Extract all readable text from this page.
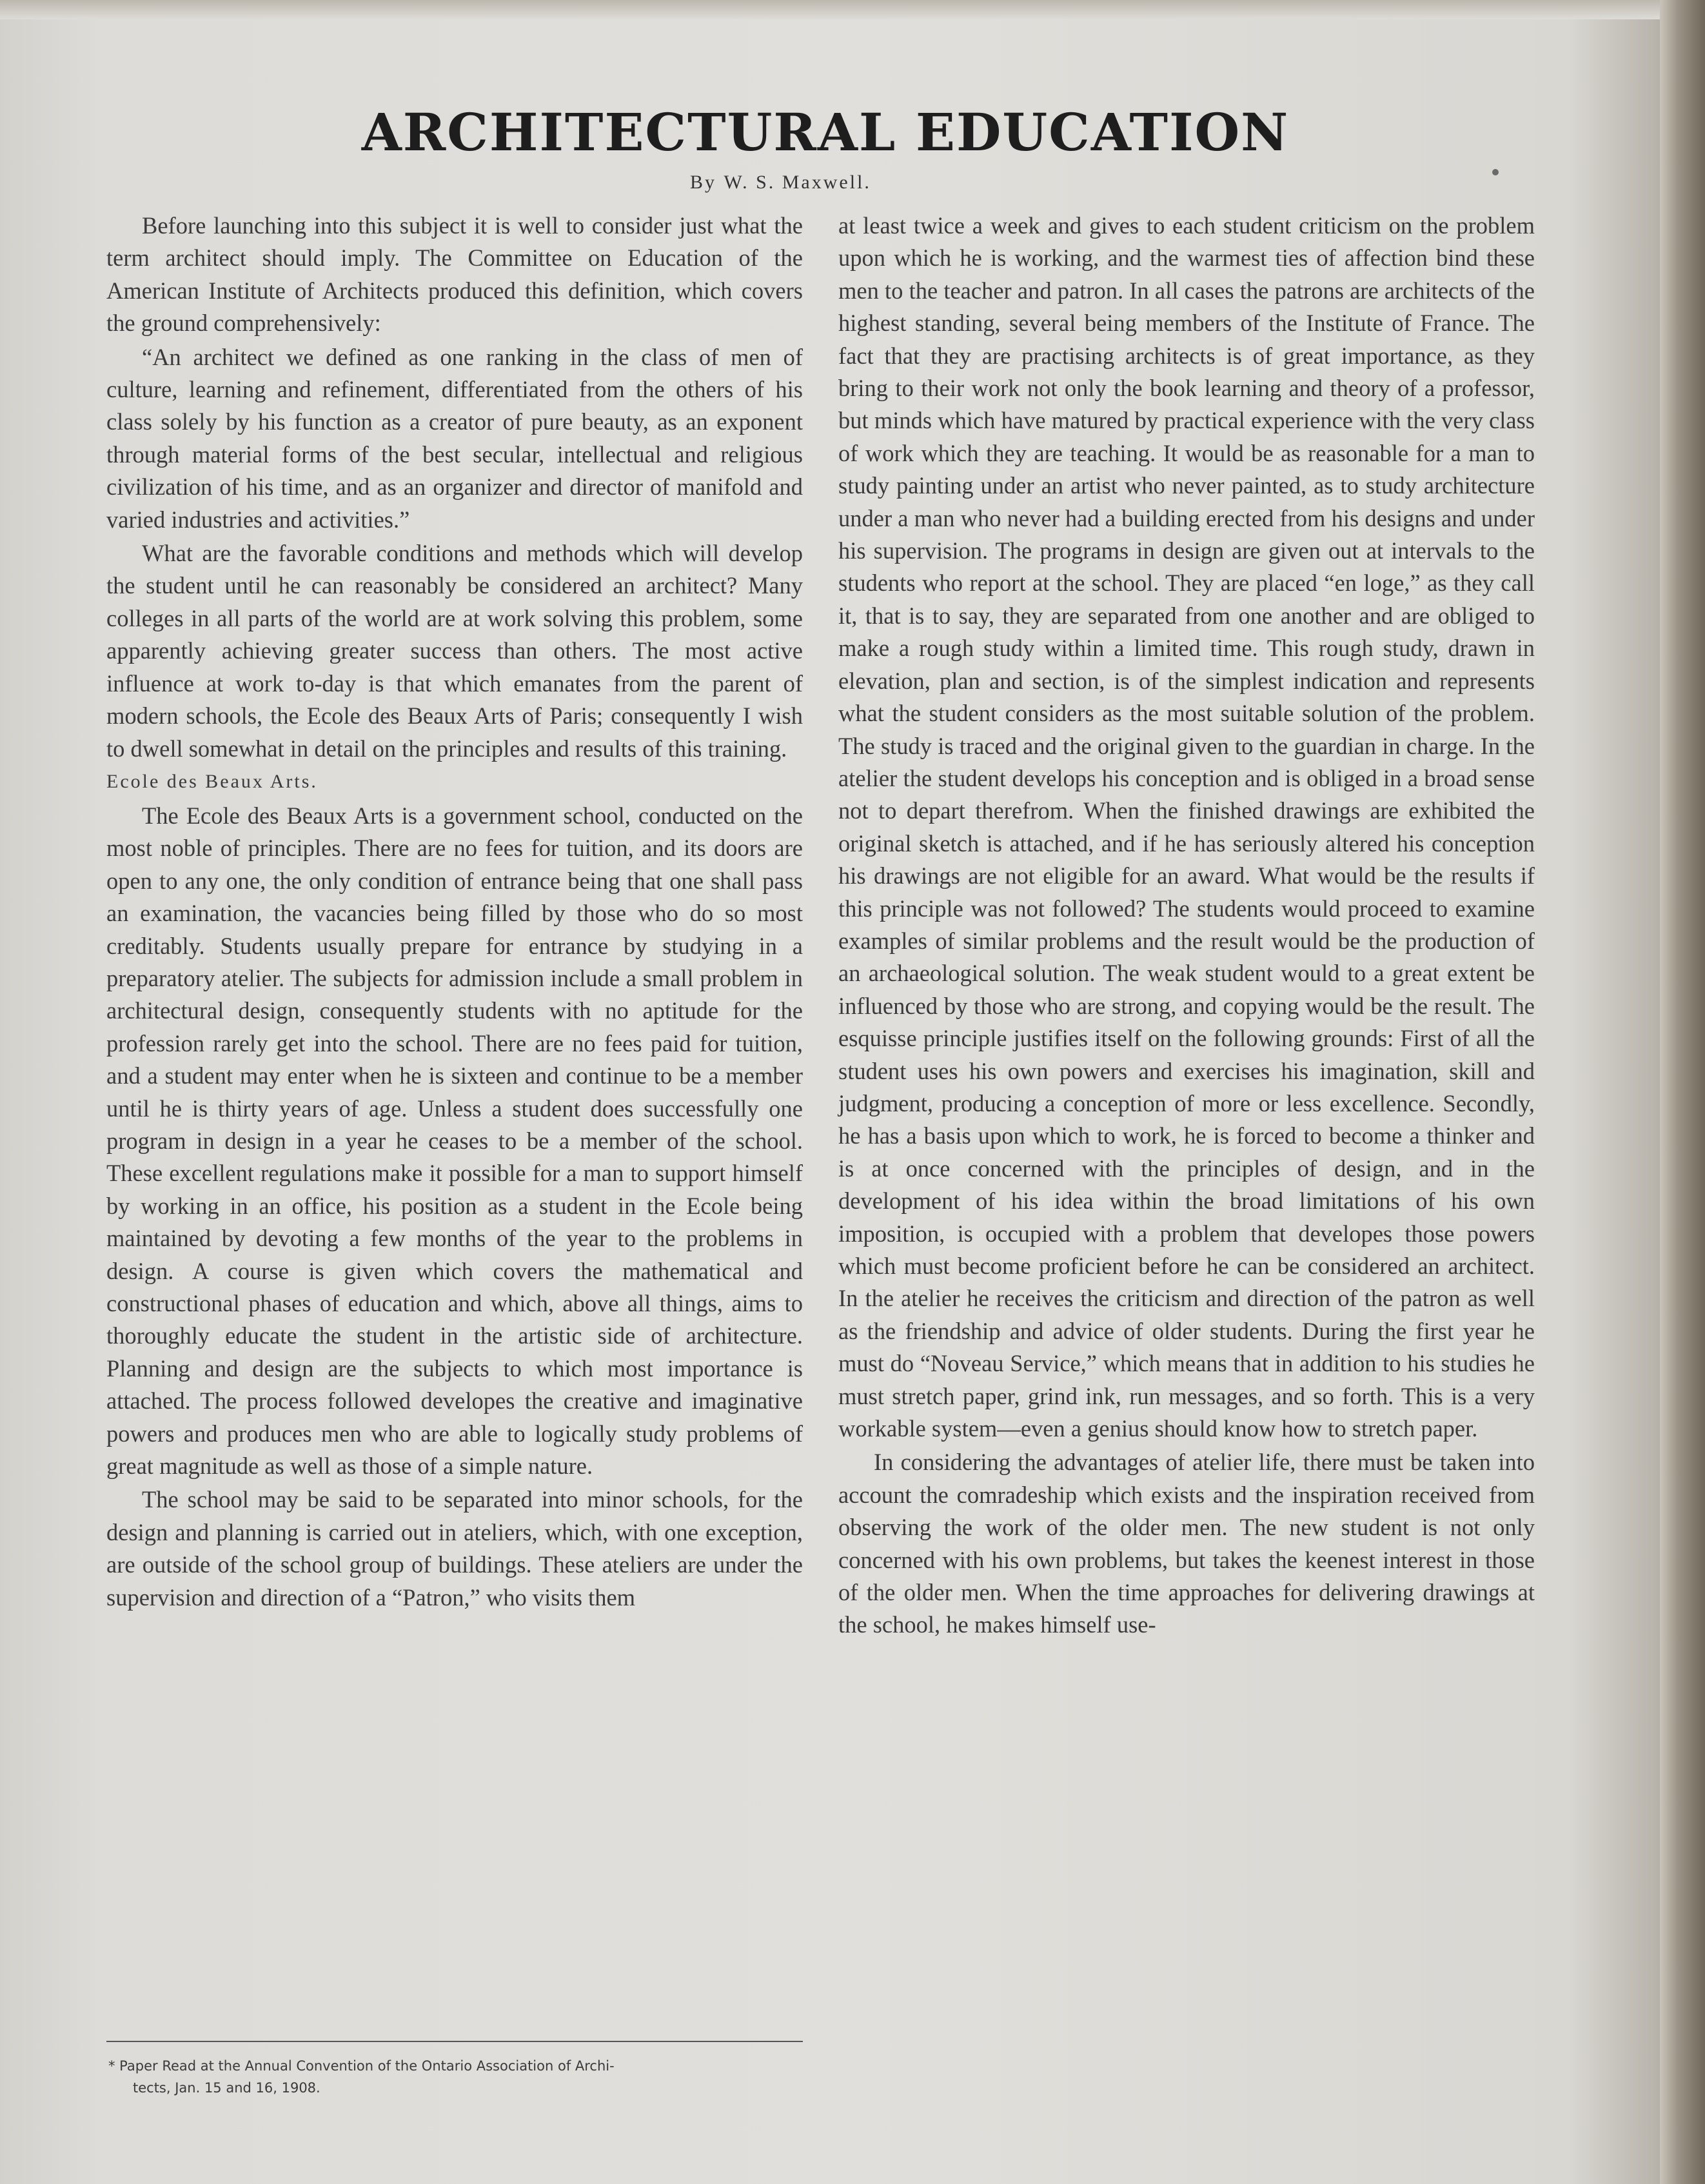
ARCHITECTURAL EDUCATION
By W. S. Maxwell.

Before launching into this subject it is well to consider just what the term architect should imply. The Committee on Education of the American Institute of Architects produced this definition, which covers the ground comprehensively:

“An architect we defined as one ranking in the class of men of culture, learning and refinement, differentiated from the others of his class solely by his function as a creator of pure beauty, as an exponent through material forms of the best secular, intellectual and religious civilization of his time, and as an organizer and director of manifold and varied industries and activities.”

What are the favorable conditions and methods which will develop the student until he can reasonably be considered an architect? Many colleges in all parts of the world are at work solving this problem, some apparently achieving greater success than others. The most active influence at work to-day is that which emanates from the parent of modern schools, the Ecole des Beaux Arts of Paris; consequently I wish to dwell somewhat in detail on the principles and results of this training.

Ecole des Beaux Arts.

The Ecole des Beaux Arts is a government school, conducted on the most noble of principles. There are no fees for tuition, and its doors are open to any one, the only condition of entrance being that one shall pass an examination, the vacancies being filled by those who do so most creditably. Students usually prepare for entrance by studying in a preparatory atelier. The subjects for admission include a small problem in architectural design, consequently students with no aptitude for the profession rarely get into the school. There are no fees paid for tuition, and a student may enter when he is sixteen and continue to be a member until he is thirty years of age. Unless a student does successfully one program in design in a year he ceases to be a member of the school. These excellent regulations make it possible for a man to support himself by working in an office, his position as a student in the Ecole being maintained by devoting a few months of the year to the problems in design. A course is given which covers the mathematical and constructional phases of education and which, above all things, aims to thoroughly educate the student in the artistic side of architecture. Planning and design are the subjects to which most importance is attached. The process followed developes the creative and imaginative powers and produces men who are able to logically study problems of great magnitude as well as those of a simple nature.

The school may be said to be separated into minor schools, for the design and planning is carried out in ateliers, which, with one exception, are outside of the school group of buildings. These ateliers are under the supervision and direction of a “Patron,” who visits them

at least twice a week and gives to each student criticism on the problem upon which he is working, and the warmest ties of affection bind these men to the teacher and patron. In all cases the patrons are architects of the highest standing, several being members of the Institute of France. The fact that they are practising architects is of great importance, as they bring to their work not only the book learning and theory of a professor, but minds which have matured by practical experience with the very class of work which they are teaching. It would be as reasonable for a man to study painting under an artist who never painted, as to study architecture under a man who never had a building erected from his designs and under his supervision. The programs in design are given out at intervals to the students who report at the school. They are placed “en loge,” as they call it, that is to say, they are separated from one another and are obliged to make a rough study within a limited time. This rough study, drawn in elevation, plan and section, is of the simplest indication and represents what the student considers as the most suitable solution of the problem. The study is traced and the original given to the guardian in charge. In the atelier the student develops his conception and is obliged in a broad sense not to depart therefrom. When the finished drawings are exhibited the original sketch is attached, and if he has seriously altered his conception his drawings are not eligible for an award. What would be the results if this principle was not followed? The students would proceed to examine examples of similar problems and the result would be the production of an archaeological solution. The weak student would to a great extent be influenced by those who are strong, and copying would be the result. The esquisse principle justifies itself on the following grounds: First of all the student uses his own powers and exercises his imagination, skill and judgment, producing a conception of more or less excellence. Secondly, he has a basis upon which to work, he is forced to become a thinker and is at once concerned with the principles of design, and in the development of his idea within the broad limitations of his own imposition, is occupied with a problem that developes those powers which must become proficient before he can be considered an architect. In the atelier he receives the criticism and direction of the patron as well as the friendship and advice of older students. During the first year he must do “Noveau Service,” which means that in addition to his studies he must stretch paper, grind ink, run messages, and so forth. This is a very workable system—even a genius should know how to stretch paper.

In considering the advantages of atelier life, there must be taken into account the comradeship which exists and the inspiration received from observing the work of the older men. The new student is not only concerned with his own problems, but takes the keenest interest in those of the older men. When the time approaches for delivering drawings at the school, he makes himself use-

* Paper Read at the Annual Convention of the Ontario Association of Archi-
tects, Jan. 15 and 16, 1908.
